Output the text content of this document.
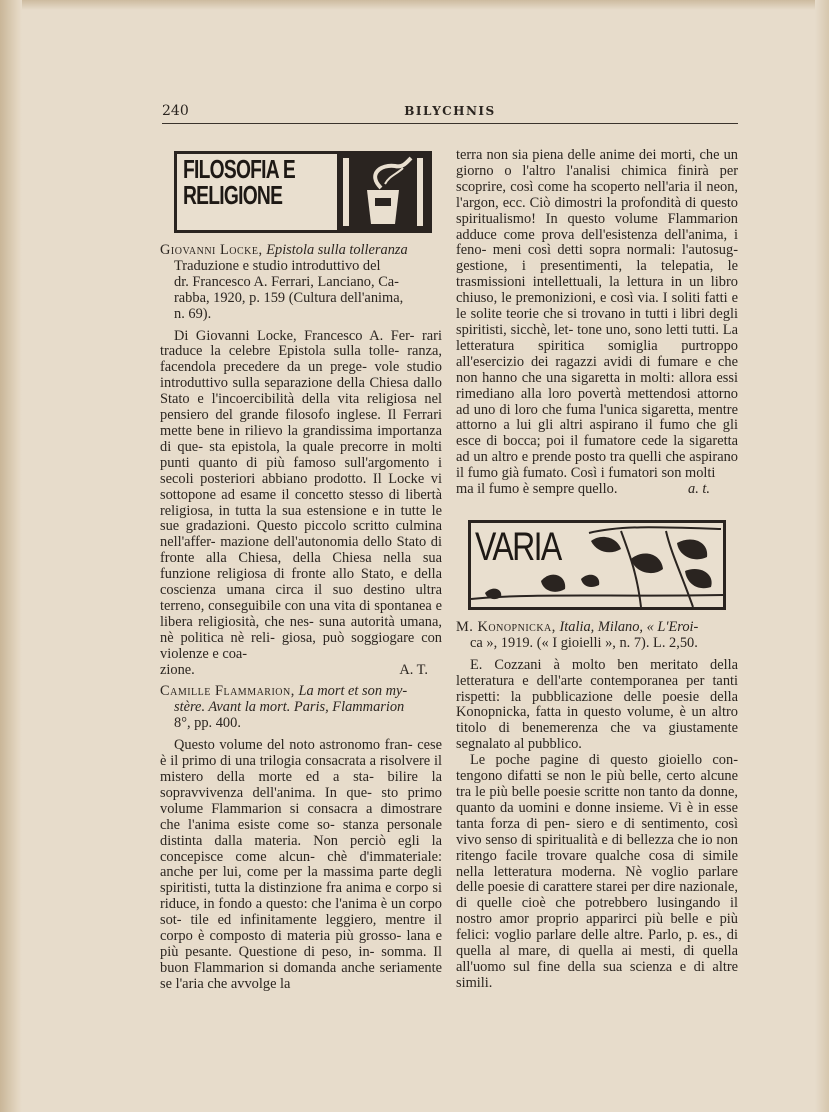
240	BILYCHNIS
FILOSOFIA E
RELIGIONE

Giovanni Locke, Epistola sulla tolleranza
Traduzione e studio introduttivo del
dr. Francesco A. Ferrari, Lanciano, Ca-
rabba, 1920, p. 159 (Cultura dell'anima,
n. 69).

Di Giovanni Locke, Francesco A. Fer- rari traduce la celebre Epistola sulla tolle- ranza, facendola precedere da un prege- vole studio introduttivo sulla separazione della Chiesa dallo Stato e l'incoercibilità della vita religiosa nel pensiero del grande filosofo inglese. Il Ferrari mette bene in rilievo la grandissima importanza di que- sta epistola, la quale precorre in molti punti quanto di più famoso sull'argomento i secoli posteriori abbiano prodotto. Il Locke vi sottopone ad esame il concetto stesso di libertà religiosa, in tutta la sua estensione e in tutte le sue gradazioni. Questo piccolo scritto culmina nell'affer- mazione dell'autonomia dello Stato di fronte alla Chiesa, della Chiesa nella sua funzione religiosa di fronte allo Stato, e della coscienza umana circa il suo destino ultra terreno, conseguibile con una vita di spontanea e libera religiosità, che nes- suna autorità umana, nè politica nè reli- giosa, può soggiogare con violenze e coa-

zione.	A. T.

Camille Flammarion, La mort et son my-
stère. Avant la mort. Paris, Flammarion
8°, pp. 400.

Questo volume del noto astronomo fran- cese è il primo di una trilogia consacrata a risolvere il mistero della morte ed a sta- bilire la sopravvivenza dell'anima. In que- sto primo volume Flammarion si consacra a dimostrare che l'anima esiste come so- stanza personale distinta dalla materia. Non perciò egli la concepisce come alcun- chè d'immateriale: anche per lui, come per la massima parte degli spiritisti, tutta la distinzione fra anima e corpo si riduce, in fondo a questo: che l'anima è un corpo sot- tile ed infinitamente leggiero, mentre il corpo è composto di materia più grosso- lana e più pesante. Questione di peso, in- somma. Il buon Flammarion si domanda anche seriamente se l'aria che avvolge la

terra non sia piena delle anime dei morti, che un giorno o l'altro l'analisi chimica finirà per scoprire, così come ha scoperto nell'aria il neon, l'argon, ecc. Ciò dimostri la profondità di questo spiritualismo! In questo volume Flammarion adduce come prova dell'esistenza dell'anima, i feno- meni così detti sopra normali: l'autosug- gestione, i presentimenti, la telepatia, le trasmissioni intellettuali, la lettura in un libro chiuso, le premonizioni, e così via. I soliti fatti e le solite teorie che si trovano in tutti i libri degli spiritisti, sicchè, let- tone uno, sono letti tutti. La letteratura spiritica somiglia purtroppo all'esercizio dei ragazzi avidi di fumare e che non hanno che una sigaretta in molti: allora essi rimediano alla loro povertà mettendosi attorno ad uno di loro che fuma l'unica sigaretta, mentre attorno a lui gli altri aspirano il fumo che gli esce di bocca; poi il fumatore cede la sigaretta ad un altro e prende posto tra quelli che aspirano il fumo già fumato. Così i fumatori son molti

ma il fumo è sempre quello.	a. t.

VARIA

M. Konopnicka, Italia, Milano, « L'Eroi-
ca », 1919. (« I gioielli », n. 7). L. 2,50.

E. Cozzani à molto ben meritato della letteratura e dell'arte contemporanea per tanti rispetti: la pubblicazione delle poesie della Konopnicka, fatta in questo volume, è un altro titolo di benemerenza che va giustamente segnalato al pubblico.

Le poche pagine di questo gioiello con- tengono difatti se non le più belle, certo alcune tra le più belle poesie scritte non tanto da donne, quanto da uomini e donne insieme. Vi è in esse tanta forza di pen- siero e di sentimento, così vivo senso di spiritualità e di bellezza che io non ritengo facile trovare qualche cosa di simile nella letteratura moderna. Nè voglio parlare delle poesie di carattere starei per dire nazionale, di quelle cioè che potrebbero lusingando il nostro amor proprio apparirci più belle e più felici: voglio parlare delle altre. Parlo, p. es., di quella al mare, di quella ai mesti, di quella all'uomo sul fine della sua scienza e di altre simili.
